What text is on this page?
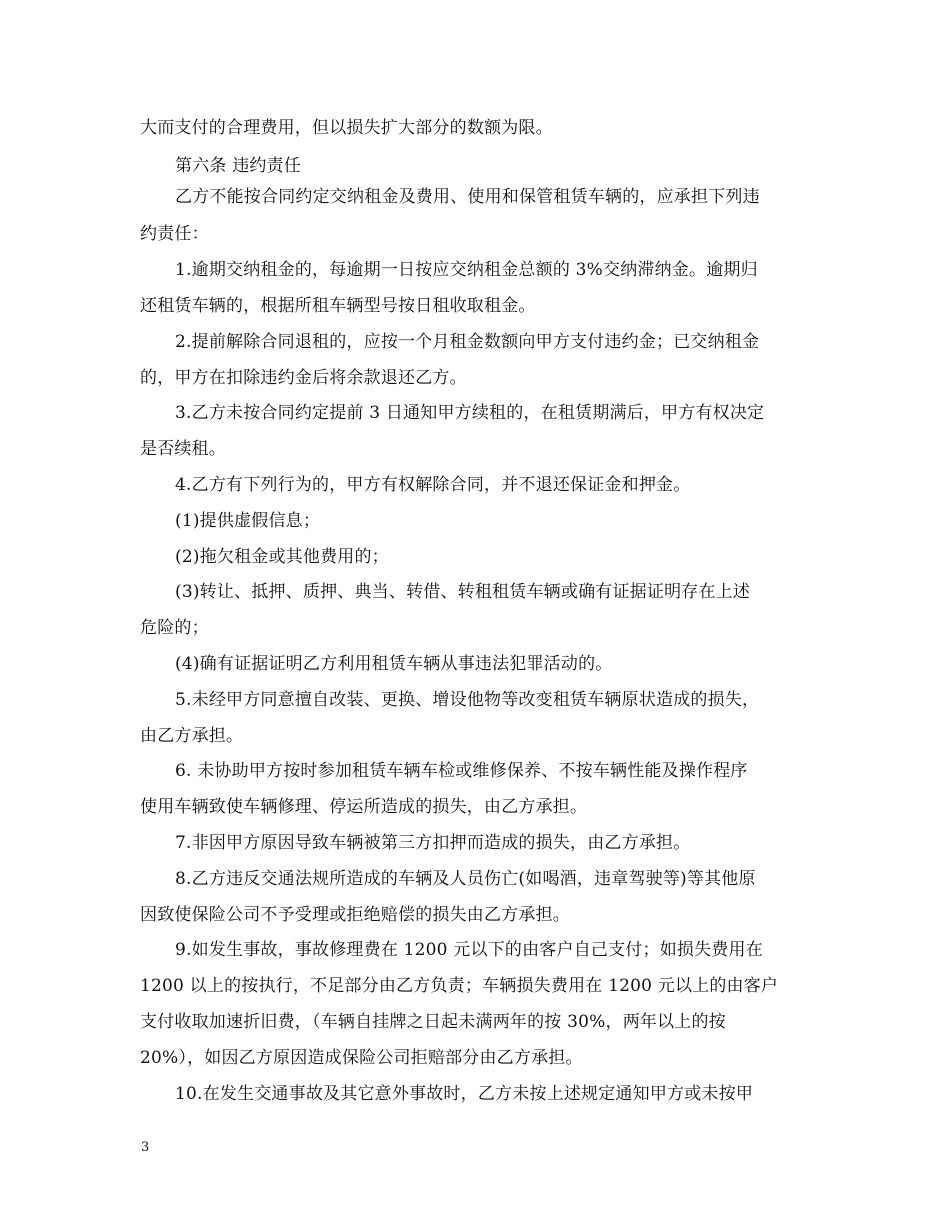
大而支付的合理费用，但以损失扩大部分的数额为限。
第六条 违约责任
乙方不能按合同约定交纳租金及费用、使用和保管租赁车辆的，应承担下列违
约责任：
1.逾期交纳租金的，每逾期一日按应交纳租金总额的 3%交纳滞纳金。逾期归
还租赁车辆的，根据所租车辆型号按日租收取租金。
2.提前解除合同退租的，应按一个月租金数额向甲方支付违约金；已交纳租金
的，甲方在扣除违约金后将余款退还乙方。
3.乙方未按合同约定提前 3 日通知甲方续租的，在租赁期满后，甲方有权决定
是否续租。
4.乙方有下列行为的，甲方有权解除合同，并不退还保证金和押金。
(1)提供虚假信息；
(2)拖欠租金或其他费用的；
(3)转让、抵押、质押、典当、转借、转租租赁车辆或确有证据证明存在上述
危险的；
(4)确有证据证明乙方利用租赁车辆从事违法犯罪活动的。
5.未经甲方同意擅自改装、更换、增设他物等改变租赁车辆原状造成的损失，
由乙方承担。
6. 未协助甲方按时参加租赁车辆车检或维修保养、不按车辆性能及操作程序
使用车辆致使车辆修理、停运所造成的损失，由乙方承担。
7.非因甲方原因导致车辆被第三方扣押而造成的损失，由乙方承担。
8.乙方违反交通法规所造成的车辆及人员伤亡(如喝酒，违章驾驶等)等其他原
因致使保险公司不予受理或拒绝赔偿的损失由乙方承担。
9.如发生事故，事故修理费在 1200 元以下的由客户自己支付；如损失费用在
1200 以上的按执行，不足部分由乙方负责；车辆损失费用在 1200 元以上的由客户
支付收取加速折旧费，（车辆自挂牌之日起未满两年的按 30%，两年以上的按
20%），如因乙方原因造成保险公司拒赔部分由乙方承担。
10.在发生交通事故及其它意外事故时，乙方未按上述规定通知甲方或未按甲
3
